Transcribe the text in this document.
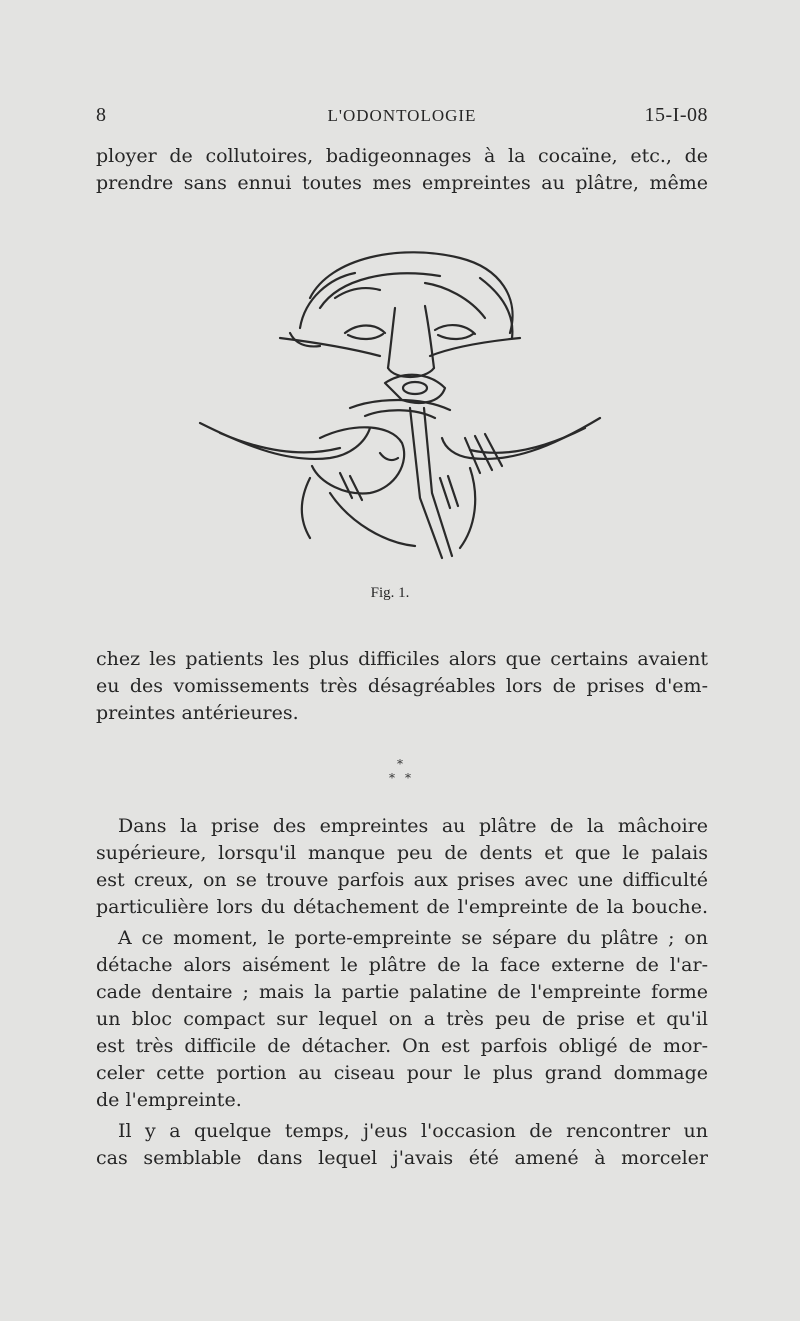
8	L'ODONTOLOGIE	15-I-08

ployer de collutoires, badigeonnages à la cocaïne, etc., de

prendre sans ennui toutes mes empreintes au plâtre, même

Fig. 1.

chez les patients les plus difficiles alors que certains avaient

eu des vomissements très désagréables lors de prises d'em-

preintes antérieures.

*
* *

Dans la prise des empreintes au plâtre de la mâchoire

supérieure, lorsqu'il manque peu de dents et que le palais

est creux, on se trouve parfois aux prises avec une difficulté

particulière lors du détachement de l'empreinte de la bouche.

A ce moment, le porte-empreinte se sépare du plâtre ; on

détache alors aisément le plâtre de la face externe de l'ar-

cade dentaire ; mais la partie palatine de l'empreinte forme

un bloc compact sur lequel on a très peu de prise et qu'il

est très difficile de détacher. On est parfois obligé de mor-

celer cette portion au ciseau pour le plus grand dommage

de l'empreinte.

Il y a quelque temps, j'eus l'occasion de rencontrer un

cas semblable dans lequel j'avais été amené à morceler
